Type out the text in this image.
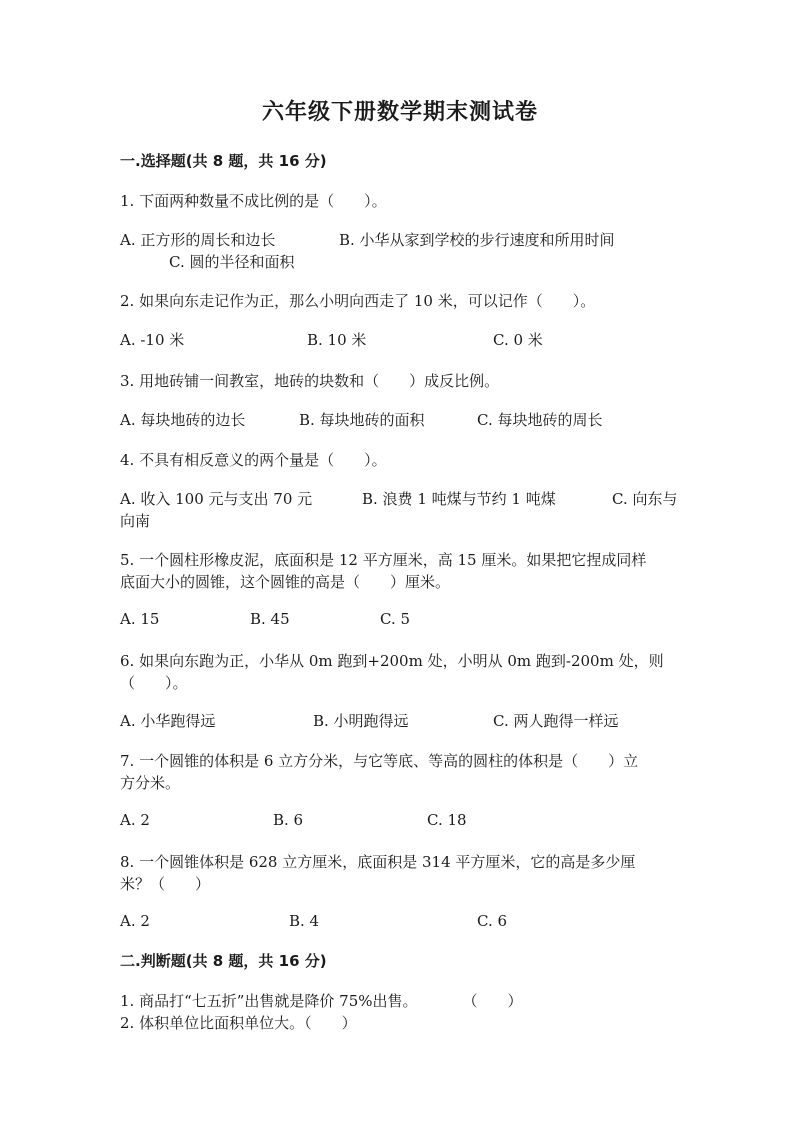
六年级下册数学期末测试卷
一.选择题(共 8 题，共 16 分)
1. 下面两种数量不成比例的是（　　）。
A. 正方形的周长和边长	B. 小华从家到学校的步行速度和所用时间
C. 圆的半径和面积
2. 如果向东走记作为正，那么小明向西走了 10 米，可以记作（　　）。
A. -10 米	B. 10 米	C. 0 米
3. 用地砖铺一间教室，地砖的块数和（　　）成反比例。
A. 每块地砖的边长	B. 每块地砖的面积	C. 每块地砖的周长
4. 不具有相反意义的两个量是（　　）。
A. 收入 100 元与支出 70 元	B. 浪费 1 吨煤与节约 1 吨煤	C. 向东与
向南
5. 一个圆柱形橡皮泥，底面积是 12 平方厘米，高 15 厘米。如果把它捏成同样
底面大小的圆锥，这个圆锥的高是（　　）厘米。
A. 15	B. 45	C. 5
6. 如果向东跑为正，小华从 0m 跑到+200m 处，小明从 0m 跑到-200m 处，则
（　　）。
A. 小华跑得远	B. 小明跑得远	C. 两人跑得一样远
7. 一个圆锥的体积是 6 立方分米，与它等底、等高的圆柱的体积是（　　）立
方分米。
A. 2	B. 6	C. 18
8. 一个圆锥体积是 628 立方厘米，底面积是 314 平方厘米，它的高是多少厘
米？（　　）
A. 2	B. 4	C. 6
二.判断题(共 8 题，共 16 分)
1. 商品打“七五折”出售就是降价 75%出售。　　　　（　　）
2. 体积单位比面积单位大。（　　）
